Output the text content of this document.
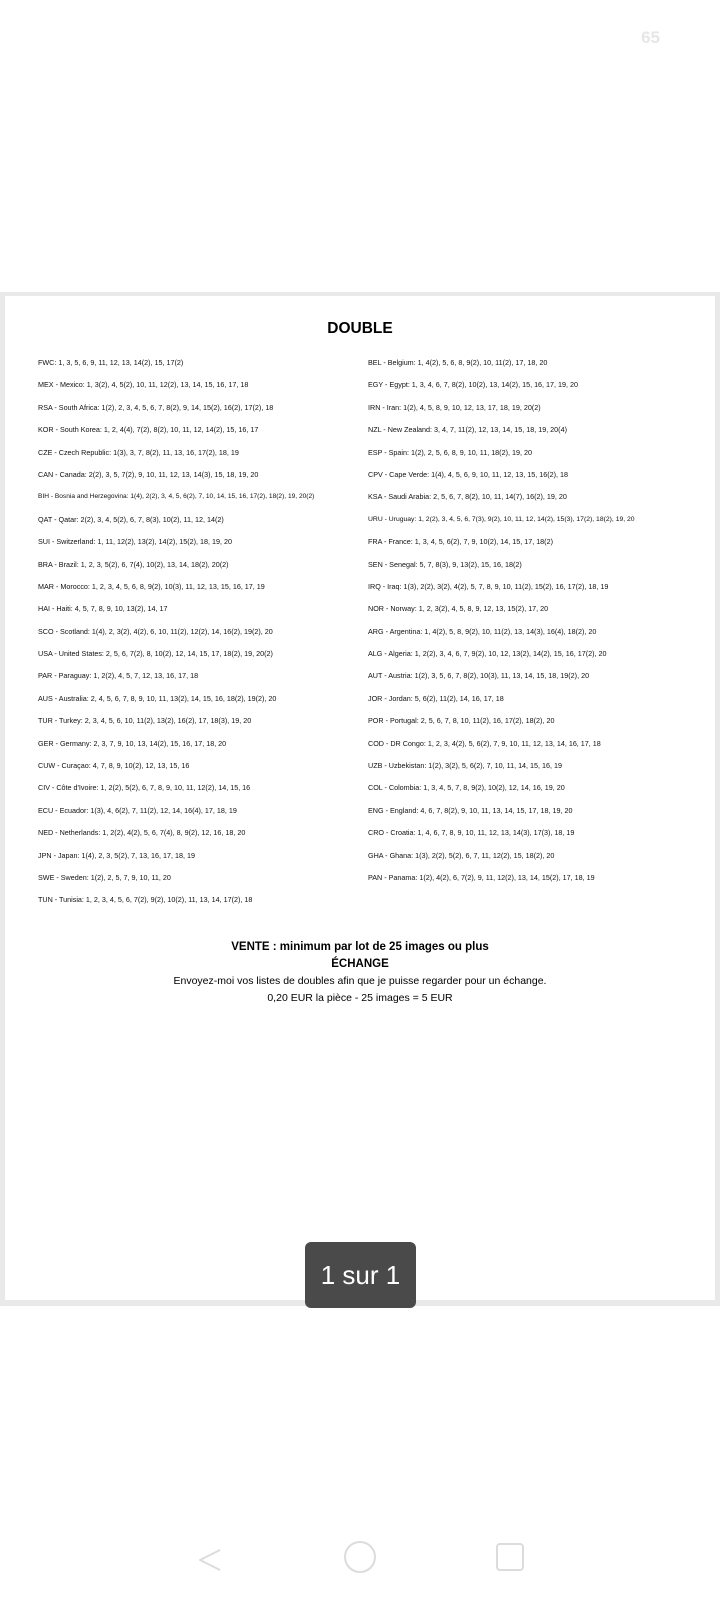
65
DOUBLE
FWC: 1, 3, 5, 6, 9, 11, 12, 13, 14(2), 15, 17(2)
MEX - Mexico: 1, 3(2), 4, 5(2), 10, 11, 12(2), 13, 14, 15, 16, 17, 18
RSA - South Africa: 1(2), 2, 3, 4, 5, 6, 7, 8(2), 9, 14, 15(2), 16(2), 17(2), 18
KOR - South Korea: 1, 2, 4(4), 7(2), 8(2), 10, 11, 12, 14(2), 15, 16, 17
CZE - Czech Republic: 1(3), 3, 7, 8(2), 11, 13, 16, 17(2), 18, 19
CAN - Canada: 2(2), 3, 5, 7(2), 9, 10, 11, 12, 13, 14(3), 15, 18, 19, 20
BIH - Bosnia and Herzegovina: 1(4), 2(2), 3, 4, 5, 6(2), 7, 10, 14, 15, 16, 17(2), 18(2), 19, 20(2)
QAT - Qatar: 2(2), 3, 4, 5(2), 6, 7, 8(3), 10(2), 11, 12, 14(2)
SUI - Switzerland: 1, 11, 12(2), 13(2), 14(2), 15(2), 18, 19, 20
BRA - Brazil: 1, 2, 3, 5(2), 6, 7(4), 10(2), 13, 14, 18(2), 20(2)
MAR - Morocco: 1, 2, 3, 4, 5, 6, 8, 9(2), 10(3), 11, 12, 13, 15, 16, 17, 19
HAI - Haiti: 4, 5, 7, 8, 9, 10, 13(2), 14, 17
SCO - Scotland: 1(4), 2, 3(2), 4(2), 6, 10, 11(2), 12(2), 14, 16(2), 19(2), 20
USA - United States: 2, 5, 6, 7(2), 8, 10(2), 12, 14, 15, 17, 18(2), 19, 20(2)
PAR - Paraguay: 1, 2(2), 4, 5, 7, 12, 13, 16, 17, 18
AUS - Australia: 2, 4, 5, 6, 7, 8, 9, 10, 11, 13(2), 14, 15, 16, 18(2), 19(2), 20
TUR - Turkey: 2, 3, 4, 5, 6, 10, 11(2), 13(2), 16(2), 17, 18(3), 19, 20
GER - Germany: 2, 3, 7, 9, 10, 13, 14(2), 15, 16, 17, 18, 20
CUW - Curaçao: 4, 7, 8, 9, 10(2), 12, 13, 15, 16
CIV - Côte d'Ivoire: 1, 2(2), 5(2), 6, 7, 8, 9, 10, 11, 12(2), 14, 15, 16
ECU - Ecuador: 1(3), 4, 6(2), 7, 11(2), 12, 14, 16(4), 17, 18, 19
NED - Netherlands: 1, 2(2), 4(2), 5, 6, 7(4), 8, 9(2), 12, 16, 18, 20
JPN - Japan: 1(4), 2, 3, 5(2), 7, 13, 16, 17, 18, 19
SWE - Sweden: 1(2), 2, 5, 7, 9, 10, 11, 20
TUN - Tunisia: 1, 2, 3, 4, 5, 6, 7(2), 9(2), 10(2), 11, 13, 14, 17(2), 18
BEL - Belgium: 1, 4(2), 5, 6, 8, 9(2), 10, 11(2), 17, 18, 20
EGY - Egypt: 1, 3, 4, 6, 7, 8(2), 10(2), 13, 14(2), 15, 16, 17, 19, 20
IRN - Iran: 1(2), 4, 5, 8, 9, 10, 12, 13, 17, 18, 19, 20(2)
NZL - New Zealand: 3, 4, 7, 11(2), 12, 13, 14, 15, 18, 19, 20(4)
ESP - Spain: 1(2), 2, 5, 6, 8, 9, 10, 11, 18(2), 19, 20
CPV - Cape Verde: 1(4), 4, 5, 6, 9, 10, 11, 12, 13, 15, 16(2), 18
KSA - Saudi Arabia: 2, 5, 6, 7, 8(2), 10, 11, 14(7), 16(2), 19, 20
URU - Uruguay: 1, 2(2), 3, 4, 5, 6, 7(3), 9(2), 10, 11, 12, 14(2), 15(3), 17(2), 18(2), 19, 20
FRA - France: 1, 3, 4, 5, 6(2), 7, 9, 10(2), 14, 15, 17, 18(2)
SEN - Senegal: 5, 7, 8(3), 9, 13(2), 15, 16, 18(2)
IRQ - Iraq: 1(3), 2(2), 3(2), 4(2), 5, 7, 8, 9, 10, 11(2), 15(2), 16, 17(2), 18, 19
NOR - Norway: 1, 2, 3(2), 4, 5, 8, 9, 12, 13, 15(2), 17, 20
ARG - Argentina: 1, 4(2), 5, 8, 9(2), 10, 11(2), 13, 14(3), 16(4), 18(2), 20
ALG - Algeria: 1, 2(2), 3, 4, 6, 7, 9(2), 10, 12, 13(2), 14(2), 15, 16, 17(2), 20
AUT - Austria: 1(2), 3, 5, 6, 7, 8(2), 10(3), 11, 13, 14, 15, 18, 19(2), 20
JOR - Jordan: 5, 6(2), 11(2), 14, 16, 17, 18
POR - Portugal: 2, 5, 6, 7, 8, 10, 11(2), 16, 17(2), 18(2), 20
COD - DR Congo: 1, 2, 3, 4(2), 5, 6(2), 7, 9, 10, 11, 12, 13, 14, 16, 17, 18
UZB - Uzbekistan: 1(2), 3(2), 5, 6(2), 7, 10, 11, 14, 15, 16, 19
COL - Colombia: 1, 3, 4, 5, 7, 8, 9(2), 10(2), 12, 14, 16, 19, 20
ENG - England: 4, 6, 7, 8(2), 9, 10, 11, 13, 14, 15, 17, 18, 19, 20
CRO - Croatia: 1, 4, 6, 7, 8, 9, 10, 11, 12, 13, 14(3), 17(3), 18, 19
GHA - Ghana: 1(3), 2(2), 5(2), 6, 7, 11, 12(2), 15, 18(2), 20
PAN - Panama: 1(2), 4(2), 6, 7(2), 9, 11, 12(2), 13, 14, 15(2), 17, 18, 19
VENTE : minimum par lot de 25 images ou plus
ÉCHANGE
Envoyez-moi vos listes de doubles afin que je puisse regarder pour un échange.
0,20 EUR la pièce - 25 images = 5 EUR
1 sur 1
